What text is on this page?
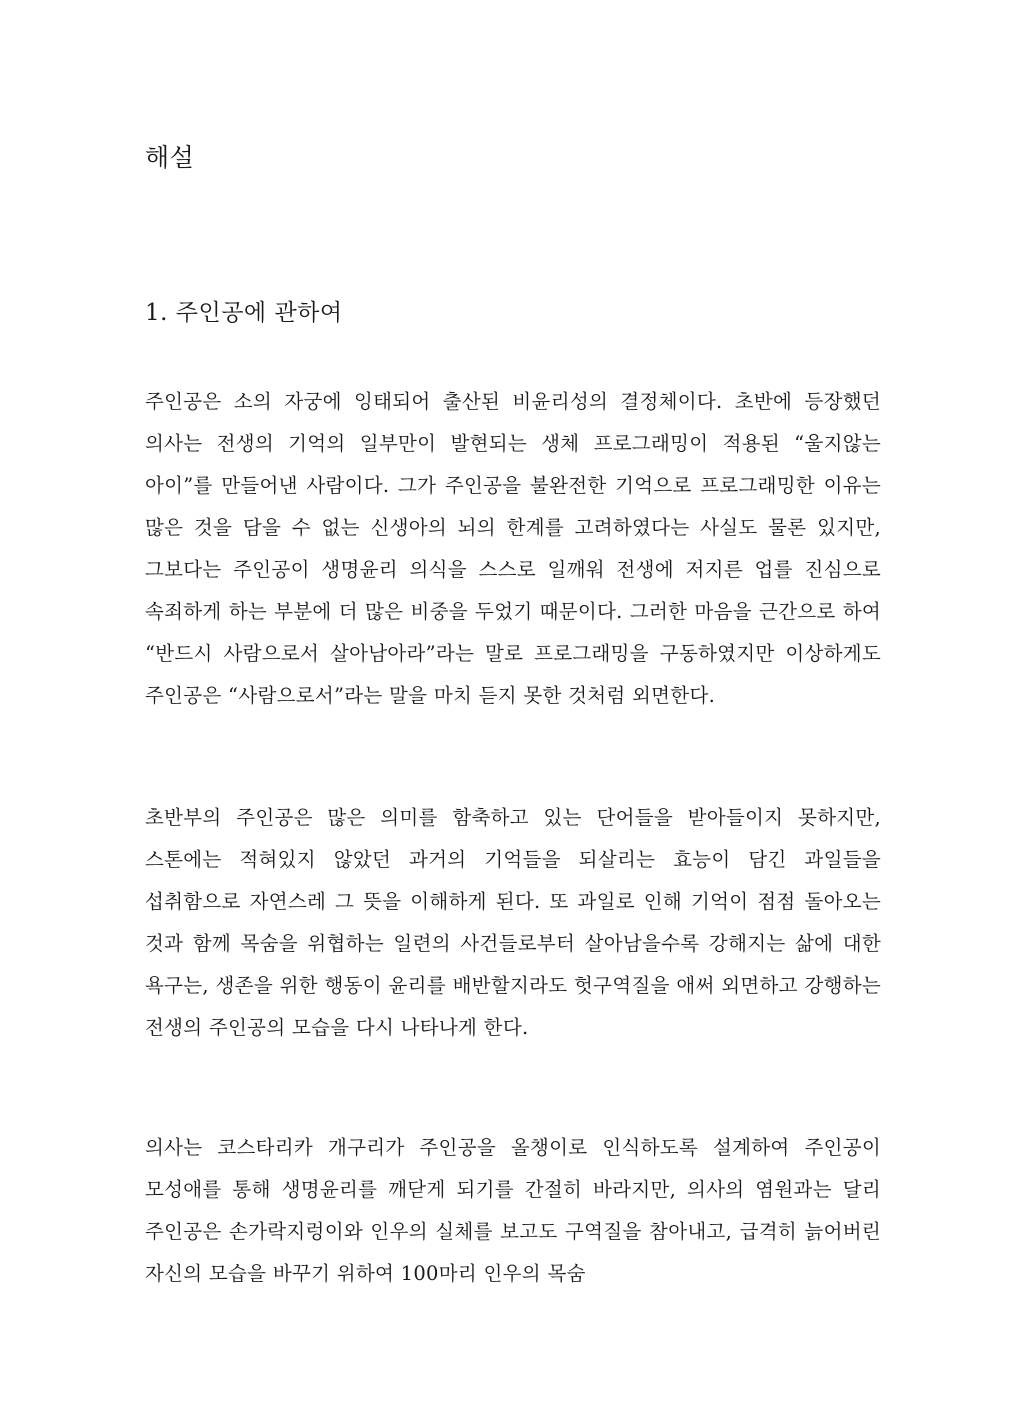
해설
1. 주인공에 관하여

주인공은 소의 자궁에 잉태되어 출산된 비윤리성의 결정체이다. 초반에 등장했던 의사는 전생의 기억의 일부만이 발현되는 생체 프로그래밍이 적용된 “울지않는 아이”를 만들어낸 사람이다. 그가 주인공을 불완전한 기억으로 프로그래밍한 이유는 많은 것을 담을 수 없는 신생아의 뇌의 한계를 고려하였다는 사실도 물론 있지만, 그보다는 주인공이 생명윤리 의식을 스스로 일깨워 전생에 저지른 업를 진심으로 속죄하게 하는 부분에 더 많은 비중을 두었기 때문이다. 그러한 마음을 근간으로 하여 “반드시 사람으로서 살아남아라”라는 말로 프로그래밍을 구동하였지만 이상하게도 주인공은 “사람으로서”라는 말을 마치 듣지 못한 것처럼 외면한다.

초반부의 주인공은 많은 의미를 함축하고 있는 단어들을 받아들이지 못하지만, 스톤에는 적혀있지 않았던 과거의 기억들을 되살리는 효능이 담긴 과일들을 섭취함으로 자연스레 그 뜻을 이해하게 된다. 또 과일로 인해 기억이 점점 돌아오는 것과 함께 목숨을 위협하는 일련의 사건들로부터 살아남을수록 강해지는 삶에 대한 욕구는, 생존을 위한 행동이 윤리를 배반할지라도 헛구역질을 애써 외면하고 강행하는 전생의 주인공의 모습을 다시 나타나게 한다.

의사는 코스타리카 개구리가 주인공을 올챙이로 인식하도록 설계하여 주인공이 모성애를 통해 생명윤리를 깨닫게 되기를 간절히 바라지만, 의사의 염원과는 달리 주인공은 손가락지렁이와 인우의 실체를 보고도 구역질을 참아내고, 급격히 늙어버린 자신의 모습을 바꾸기 위하여 100마리 인우의 목숨
